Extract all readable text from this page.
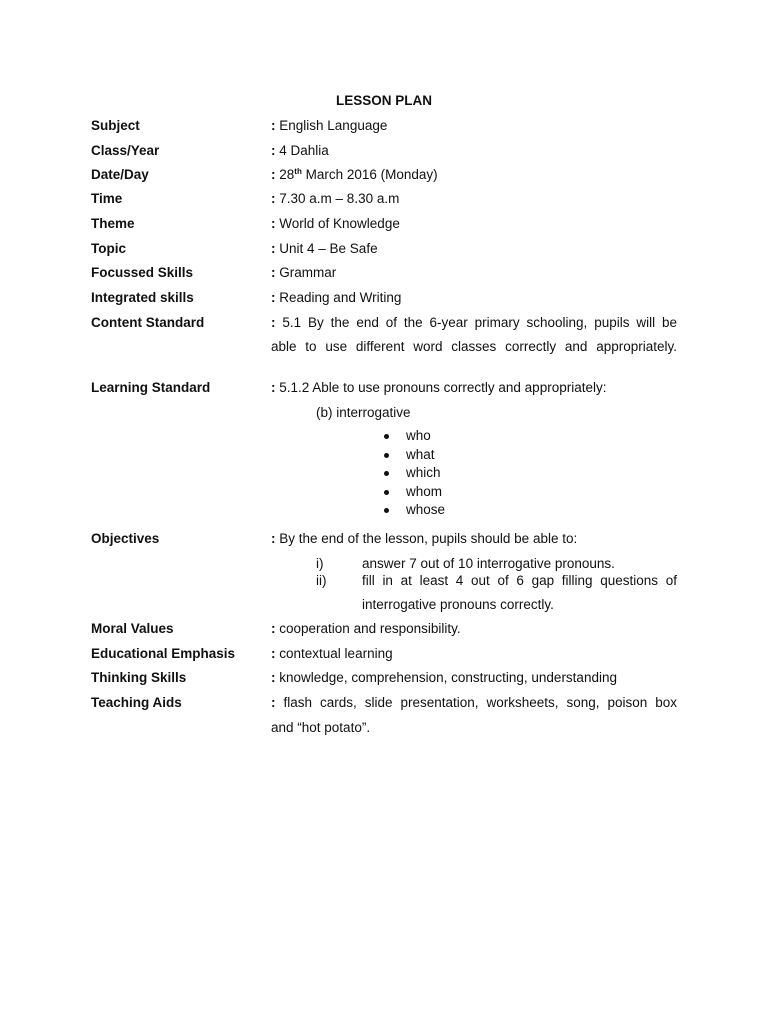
LESSON PLAN
Subject	: English Language
Class/Year	: 4 Dahlia
Date/Day	: 28th March 2016 (Monday)
Time	: 7.30 a.m – 8.30 a.m
Theme	: World of Knowledge
Topic	: Unit 4 – Be Safe
Focussed Skills	: Grammar
Integrated skills	: Reading and Writing
Content Standard	: 5.1 By the end of the 6-year primary schooling, pupils will be
able to use different word classes correctly and appropriately.
Learning Standard	: 5.1.2 Able to use pronouns correctly and appropriately:
(b) interrogative
who
what
which
whom
whose
Objectives	: By the end of the lesson, pupils should be able to:
i)	answer 7 out of 10 interrogative pronouns.
ii)	fill in at least 4 out of 6 gap filling questions of
interrogative pronouns correctly.
Moral Values	: cooperation and responsibility.
Educational Emphasis	: contextual learning
Thinking Skills	: knowledge, comprehension, constructing, understanding
Teaching Aids	: flash cards, slide presentation, worksheets, song, poison box
and “hot potato”.
